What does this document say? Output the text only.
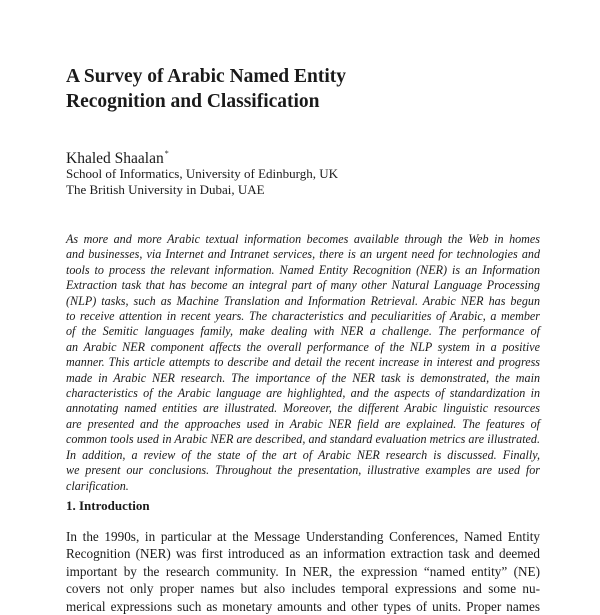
A Survey of Arabic Named Entity
Recognition and Classification
Khaled Shaalan*
School of Informatics, University of Edinburgh, UK
The British University in Dubai, UAE

As more and more Arabic textual information becomes available through the Web in homes
and businesses, via Internet and Intranet services, there is an urgent need for technologies and
tools to process the relevant information. Named Entity Recognition (NER) is an Information
Extraction task that has become an integral part of many other Natural Language Processing
(NLP) tasks, such as Machine Translation and Information Retrieval. Arabic NER has begun
to receive attention in recent years. The characteristics and peculiarities of Arabic, a member
of the Semitic languages family, make dealing with NER a challenge. The performance of
an Arabic NER component affects the overall performance of the NLP system in a positive
manner. This article attempts to describe and detail the recent increase in interest and progress
made in Arabic NER research. The importance of the NER task is demonstrated, the main
characteristics of the Arabic language are highlighted, and the aspects of standardization in
annotating named entities are illustrated. Moreover, the different Arabic linguistic resources
are presented and the approaches used in Arabic NER field are explained. The features of
common tools used in Arabic NER are described, and standard evaluation metrics are illustrated.
In addition, a review of the state of the art of Arabic NER research is discussed. Finally,
we present our conclusions. Throughout the presentation, illustrative examples are used for
clarification.

1. Introduction

In the 1990s, in particular at the Message Understanding Conferences, Named Entity
Recognition (NER) was first introduced as an information extraction task and deemed
important by the research community. In NER, the expression “named entity” (NE)
covers not only proper names but also includes temporal expressions and some nu-
merical expressions such as monetary amounts and other types of units. Proper names
